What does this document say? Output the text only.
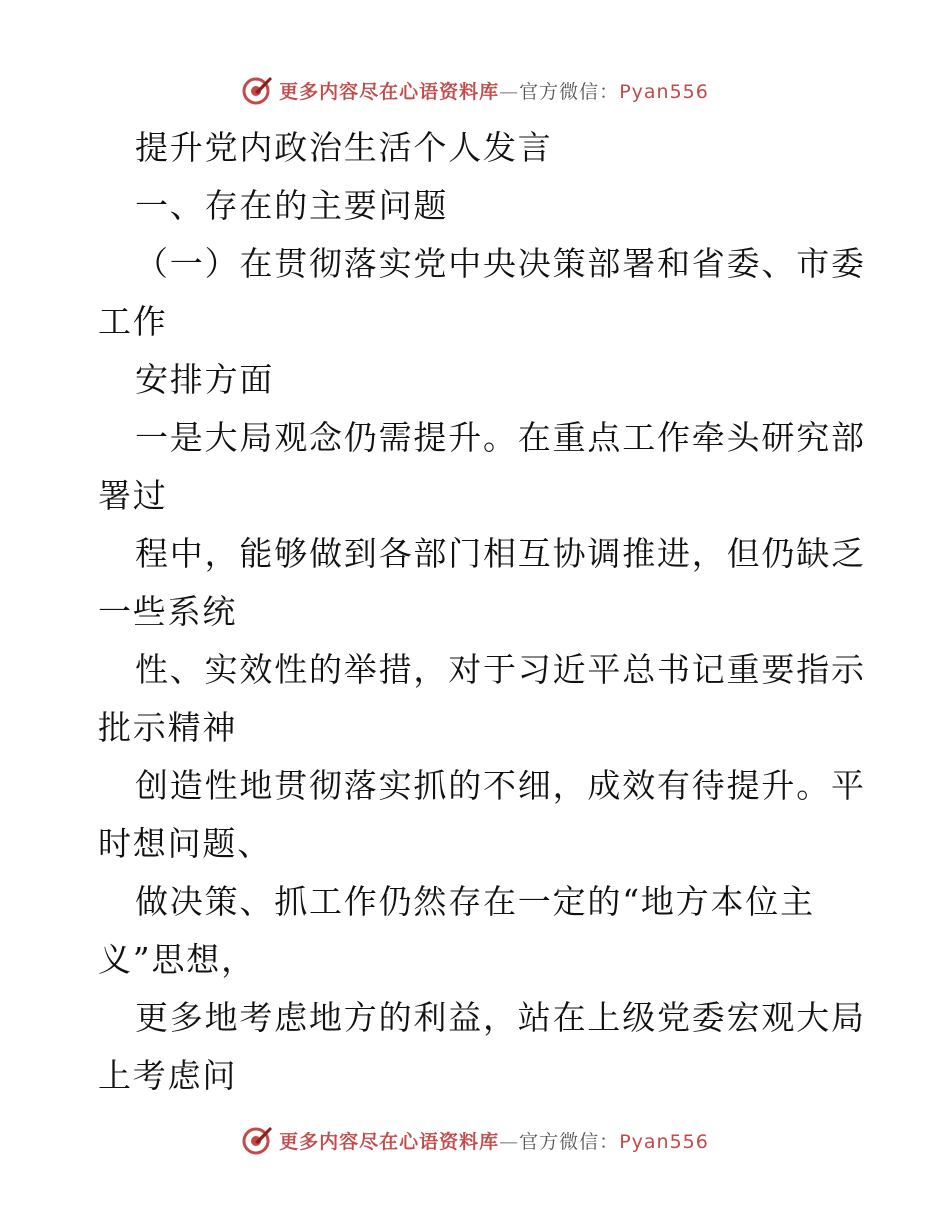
更多内容尽在心语资料库—官方微信：Pyan556
提升党内政治生活个人发言
一、存在的主要问题
（一）在贯彻落实党中央决策部署和省委、市委
工作
安排方面
一是大局观念仍需提升。在重点工作牵头研究部
署过
程中，能够做到各部门相互协调推进，但仍缺乏
一些系统
性、实效性的举措，对于习近平总书记重要指示
批示精神
创造性地贯彻落实抓的不细，成效有待提升。平
时想问题、
做决策、抓工作仍然存在一定的“地方本位主
义”思想，
更多地考虑地方的利益，站在上级党委宏观大局
上考虑问
更多内容尽在心语资料库—官方微信：Pyan556
